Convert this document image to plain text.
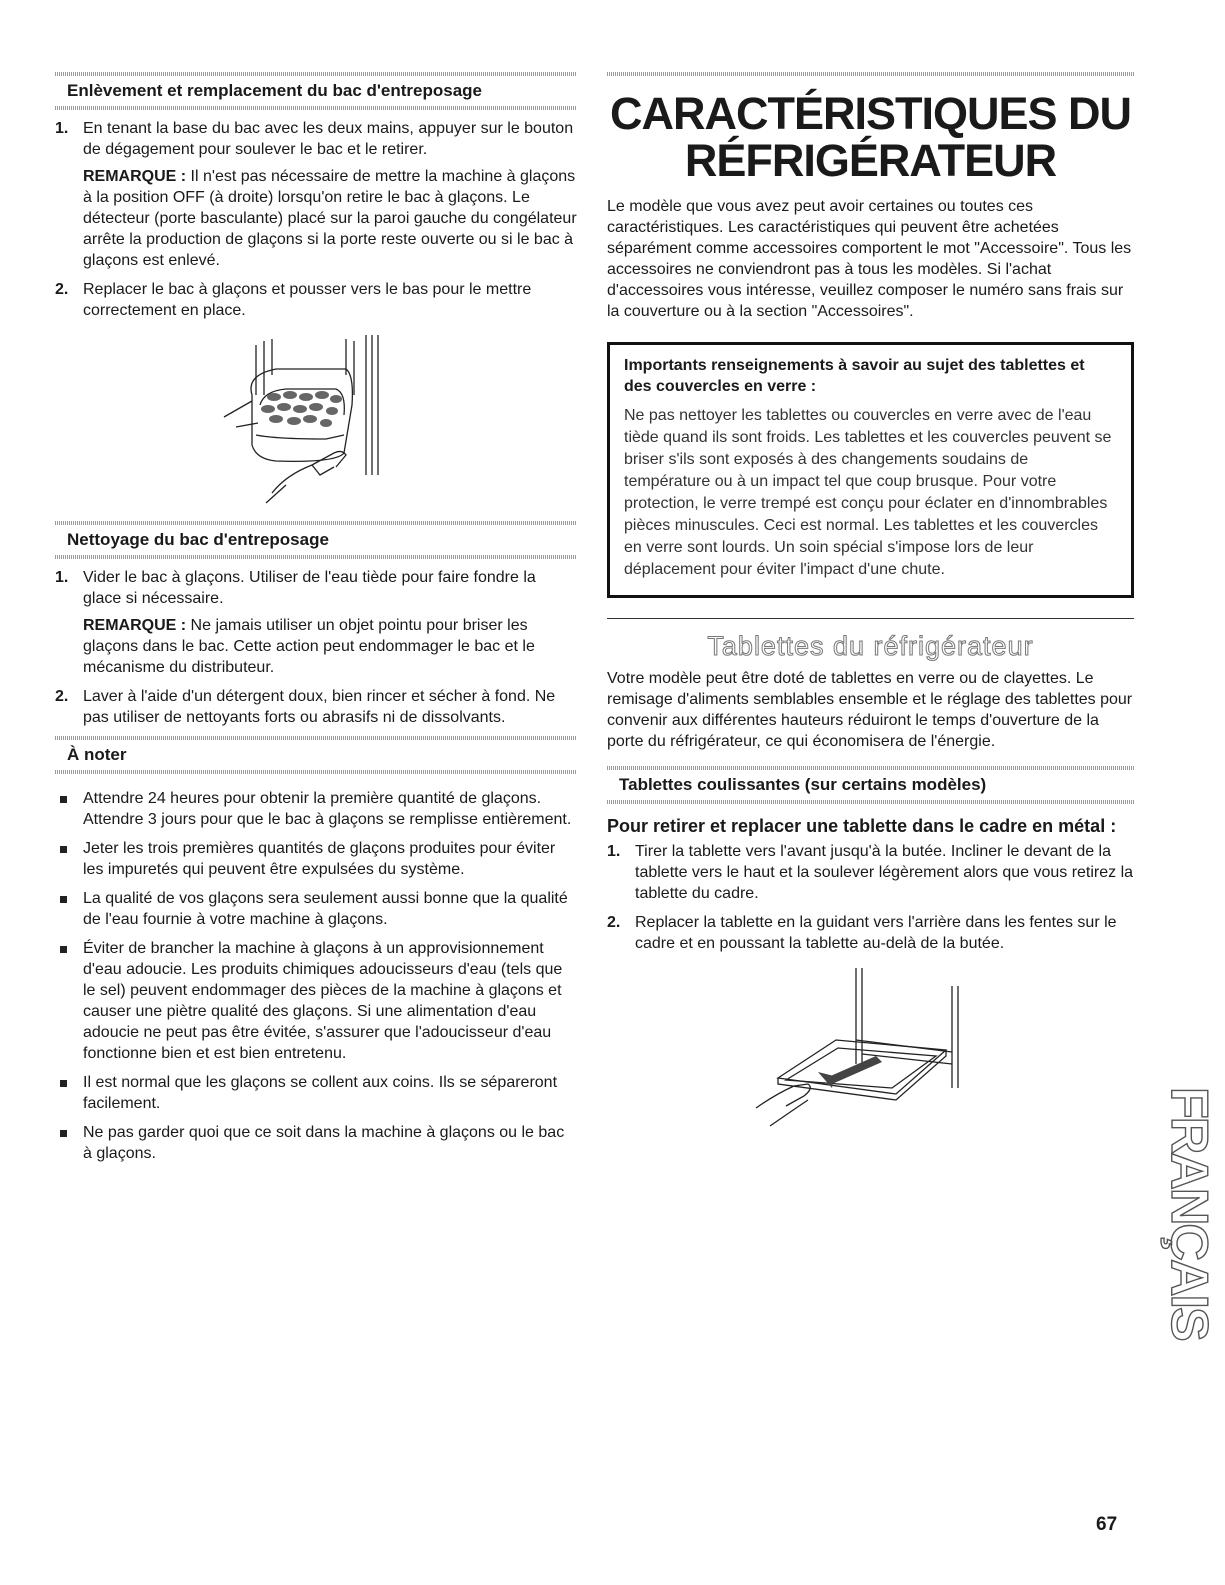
Enlèvement et remplacement du bac d'entreposage
1. En tenant la base du bac avec les deux mains, appuyer sur le bouton de dégagement pour soulever le bac et le retirer.
REMARQUE : Il n'est pas nécessaire de mettre la machine à glaçons à la position OFF (à droite) lorsqu'on retire le bac à glaçons. Le détecteur (porte basculante) placé sur la paroi gauche du congélateur arrête la production de glaçons si la porte reste ouverte ou si le bac à glaçons est enlevé.
2. Replacer le bac à glaçons et pousser vers le bas pour le mettre correctement en place.
Nettoyage du bac d'entreposage
1. Vider le bac à glaçons. Utiliser de l'eau tiède pour faire fondre la glace si nécessaire.
REMARQUE : Ne jamais utiliser un objet pointu pour briser les glaçons dans le bac. Cette action peut endommager le bac et le mécanisme du distributeur.
2. Laver à l'aide d'un détergent doux, bien rincer et sécher à fond. Ne pas utiliser de nettoyants forts ou abrasifs ni de dissolvants.
À noter
Attendre 24 heures pour obtenir la première quantité de glaçons. Attendre 3 jours pour que le bac à glaçons se remplisse entièrement.
Jeter les trois premières quantités de glaçons produites pour éviter les impuretés qui peuvent être expulsées du système.
La qualité de vos glaçons sera seulement aussi bonne que la qualité de l'eau fournie à votre machine à glaçons.
Éviter de brancher la machine à glaçons à un approvisionnement d'eau adoucie. Les produits chimiques adoucisseurs d'eau (tels que le sel) peuvent endommager des pièces de la machine à glaçons et causer une piètre qualité des glaçons. Si une alimentation d'eau adoucie ne peut pas être évitée, s'assurer que l'adoucisseur d'eau fonctionne bien et est bien entretenu.
Il est normal que les glaçons se collent aux coins. Ils se sépareront facilement.
Ne pas garder quoi que ce soit dans la machine à glaçons ou le bac à glaçons.
CARACTÉRISTIQUES DU
RÉFRIGÉRATEUR
Le modèle que vous avez peut avoir certaines ou toutes ces caractéristiques. Les caractéristiques qui peuvent être achetées séparément comme accessoires comportent le mot "Accessoire". Tous les accessoires ne conviendront pas à tous les modèles. Si l'achat d'accessoires vous intéresse, veuillez composer le numéro sans frais sur la couverture ou à la section "Accessoires".
Importants renseignements à savoir au sujet des tablettes et des couvercles en verre :
Ne pas nettoyer les tablettes ou couvercles en verre avec de l'eau tiède quand ils sont froids. Les tablettes et les couvercles peuvent se briser s'ils sont exposés à des changements soudains de température ou à un impact tel que coup brusque. Pour votre protection, le verre trempé est conçu pour éclater en d'innombrables pièces minuscules. Ceci est normal. Les tablettes et les couvercles en verre sont lourds. Un soin spécial s'impose lors de leur déplacement pour éviter l'impact d'une chute.
Tablettes du réfrigérateur
Votre modèle peut être doté de tablettes en verre ou de clayettes. Le remisage d'aliments semblables ensemble et le réglage des tablettes pour convenir aux différentes hauteurs réduiront le temps d'ouverture de la porte du réfrigérateur, ce qui économisera de l'énergie.
Tablettes coulissantes (sur certains modèles)
Pour retirer et replacer une tablette dans le cadre en métal :
1. Tirer la tablette vers l'avant jusqu'à la butée. Incliner le devant de la tablette vers le haut et la soulever légèrement alors que vous retirez la tablette du cadre.
2. Replacer la tablette en la guidant vers l'arrière dans les fentes sur le cadre et en poussant la tablette au-delà de la butée.
FRANÇAIS
67
